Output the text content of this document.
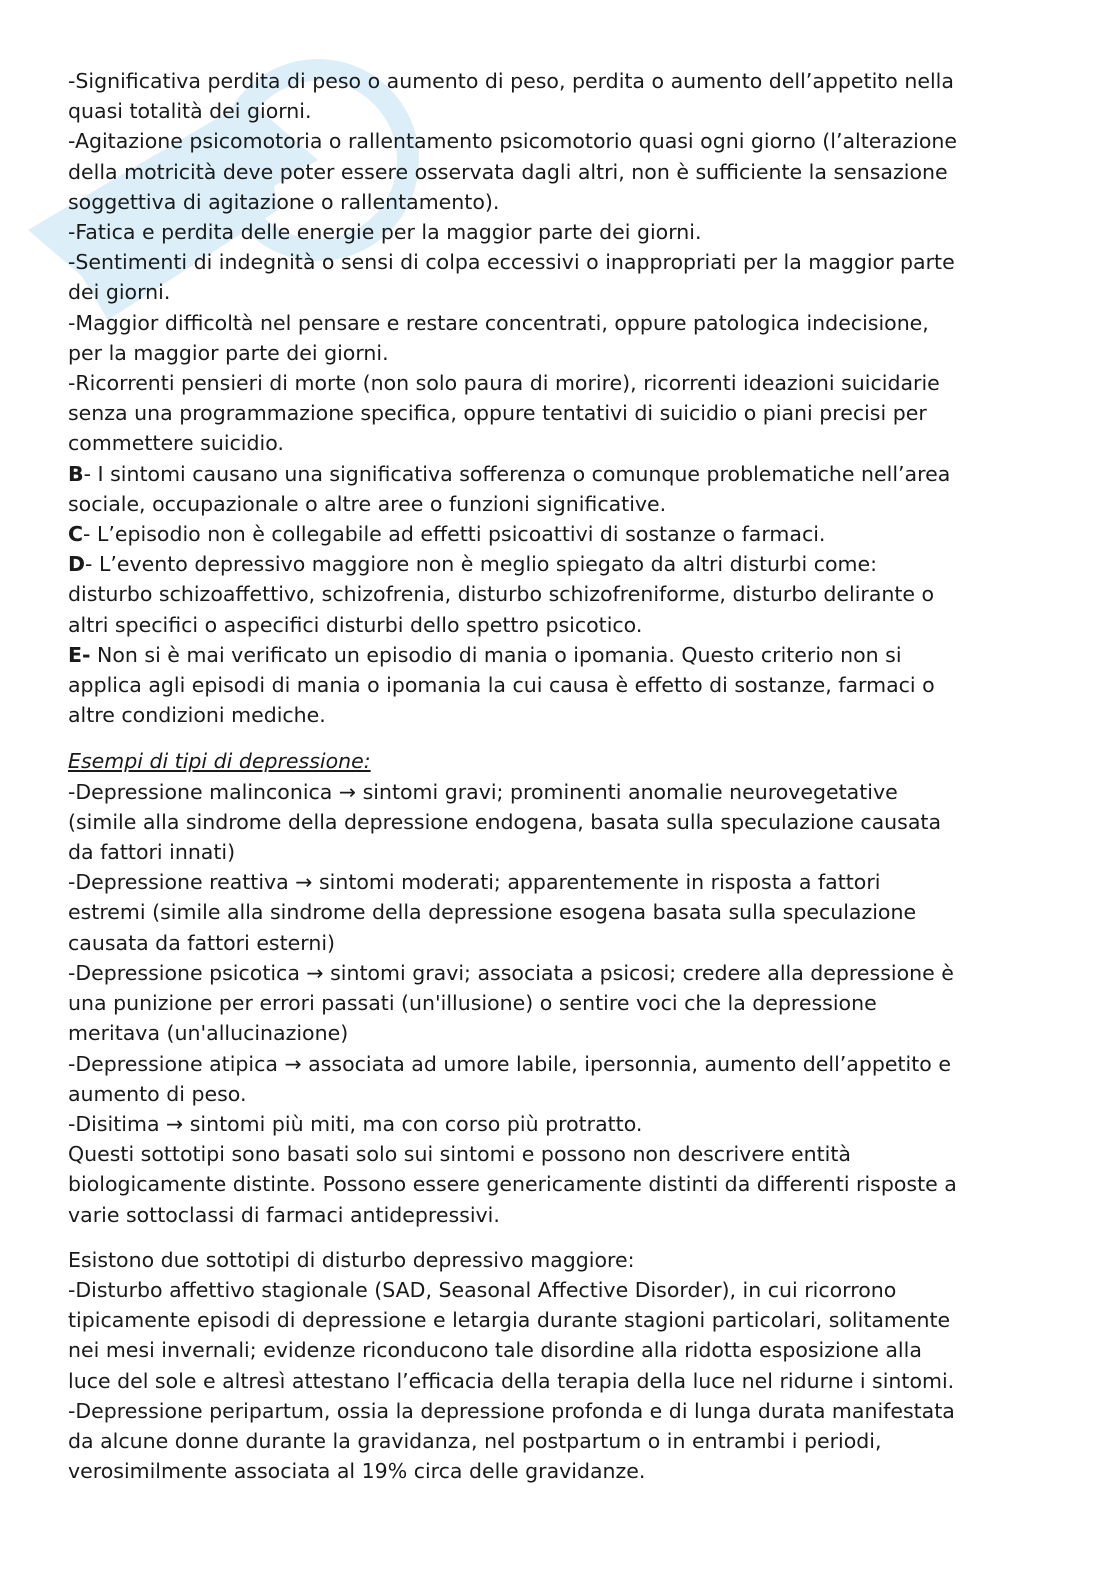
-Significativa perdita di peso o aumento di peso, perdita o aumento dell’appetito nella
quasi totalità dei giorni.
-Agitazione psicomotoria o rallentamento psicomotorio quasi ogni giorno (l’alterazione
della motricità deve poter essere osservata dagli altri, non è sufficiente la sensazione
soggettiva di agitazione o rallentamento).
-Fatica e perdita delle energie per la maggior parte dei giorni.
-Sentimenti di indegnità o sensi di colpa eccessivi o inappropriati per la maggior parte
dei giorni.
-Maggior difficoltà nel pensare e restare concentrati, oppure patologica indecisione,
per la maggior parte dei giorni.
-Ricorrenti pensieri di morte (non solo paura di morire), ricorrenti ideazioni suicidarie
senza una programmazione specifica, oppure tentativi di suicidio o piani precisi per
commettere suicidio.
B- I sintomi causano una significativa sofferenza o comunque problematiche nell’area
sociale, occupazionale o altre aree o funzioni significative.
C- L’episodio non è collegabile ad effetti psicoattivi di sostanze o farmaci.
D- L’evento depressivo maggiore non è meglio spiegato da altri disturbi come:
disturbo schizoaffettivo, schizofrenia, disturbo schizofreniforme, disturbo delirante o
altri specifici o aspecifici disturbi dello spettro psicotico.
E- Non si è mai verificato un episodio di mania o ipomania. Questo criterio non si
applica agli episodi di mania o ipomania la cui causa è effetto di sostanze, farmaci o
altre condizioni mediche.
Esempi di tipi di depressione:
-Depressione malinconica → sintomi gravi; prominenti anomalie neurovegetative
(simile alla sindrome della depressione endogena, basata sulla speculazione causata
da fattori innati)
-Depressione reattiva → sintomi moderati; apparentemente in risposta a fattori
estremi (simile alla sindrome della depressione esogena basata sulla speculazione
causata da fattori esterni)
-Depressione psicotica → sintomi gravi; associata a psicosi; credere alla depressione è
una punizione per errori passati (un'illusione) o sentire voci che la depressione
meritava (un'allucinazione)
-Depressione atipica → associata ad umore labile, ipersonnia, aumento dell’appetito e
aumento di peso.
-Disitima → sintomi più miti, ma con corso più protratto.
Questi sottotipi sono basati solo sui sintomi e possono non descrivere entità
biologicamente distinte. Possono essere genericamente distinti da differenti risposte a
varie sottoclassi di farmaci antidepressivi.
Esistono due sottotipi di disturbo depressivo maggiore:
-Disturbo affettivo stagionale (SAD, Seasonal Affective Disorder), in cui ricorrono
tipicamente episodi di depressione e letargia durante stagioni particolari, solitamente
nei mesi invernali; evidenze riconducono tale disordine alla ridotta esposizione alla
luce del sole e altresì attestano l’efficacia della terapia della luce nel ridurne i sintomi.
-Depressione peripartum, ossia la depressione profonda e di lunga durata manifestata
da alcune donne durante la gravidanza, nel postpartum o in entrambi i periodi,
verosimilmente associata al 19% circa delle gravidanze.
